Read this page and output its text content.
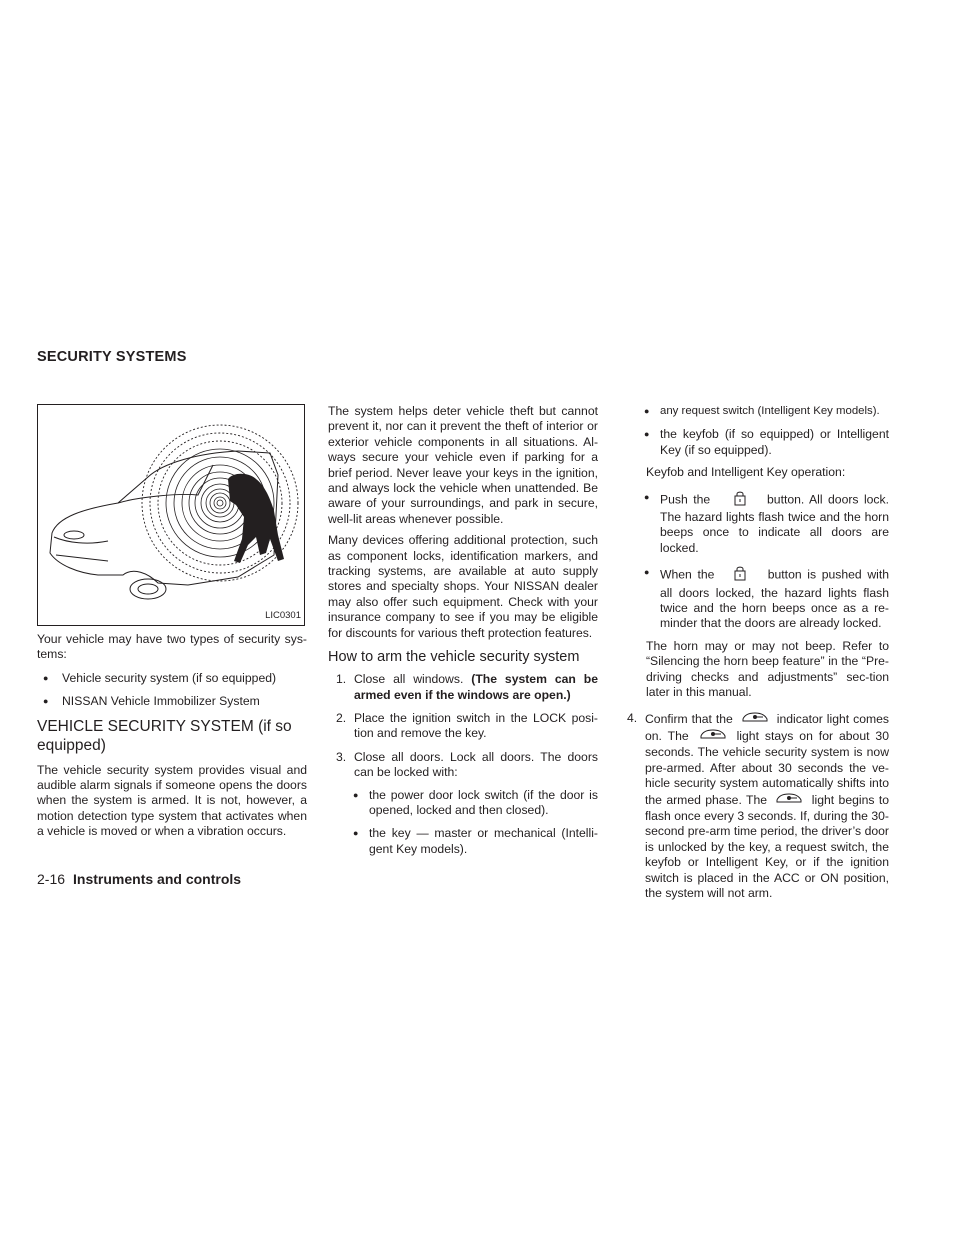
SECURITY SYSTEMS
LIC0301

Your vehicle may have two types of security sys-tems:

● Vehicle security system (if so equipped)

● NISSAN Vehicle Immobilizer System

VEHICLE SECURITY SYSTEM (if so equipped)

The vehicle security system provides visual and audible alarm signals if someone opens the doors when the system is armed. It is not, however, a motion detection type system that activates when a vehicle is moved or when a vibration occurs.

The system helps deter vehicle theft but cannot prevent it, nor can it prevent the theft of interior or exterior vehicle components in all situations. Al-ways secure your vehicle even if parking for a brief period. Never leave your keys in the ignition, and always lock the vehicle when unattended. Be aware of your surroundings, and park in secure, well-lit areas whenever possible.

Many devices offering additional protection, such as component locks, identification markers, and tracking systems, are available at auto supply stores and specialty shops. Your NISSAN dealer may also offer such equipment. Check with your insurance company to see if you may be eligible for discounts for various theft protection features.

How to arm the vehicle security system

1. Close all windows. (The system can be armed even if the windows are open.)

2. Place the ignition switch in the LOCK posi-tion and remove the key.

3. Close all doors. Lock all doors. The doors can be locked with:

● the power door lock switch (if the door is opened, locked and then closed).

● the key — master or mechanical (Intelli-gent Key models).

● any request switch (Intelligent Key models).

● the keyfob (if so equipped) or Intelligent Key (if so equipped).

Keyfob and Intelligent Key operation:

● Push the	button. All doors lock. The hazard lights flash twice and the horn beeps once to indicate all doors are locked.

● When the	button is pushed with all doors locked, the hazard lights flash twice and the horn beeps once as a re-minder that the doors are already locked.

The horn may or may not beep. Refer to “Silencing the horn beep feature” in the “Pre-driving checks and adjustments” sec-tion later in this manual.

4. Confirm that the	indicator light comes on. The	light stays on for about 30 seconds. The vehicle security system is now pre-armed. After about 30 seconds the ve-hicle security system automatically shifts into the armed phase. The	light begins to flash once every 3 seconds. If, during the 30-second pre-arm time period, the driver’s door is unlocked by the key, a request switch, the keyfob or Intelligent Key, or if the ignition switch is placed in the ACC or ON position, the system will not arm.

2-16 Instruments and controls
